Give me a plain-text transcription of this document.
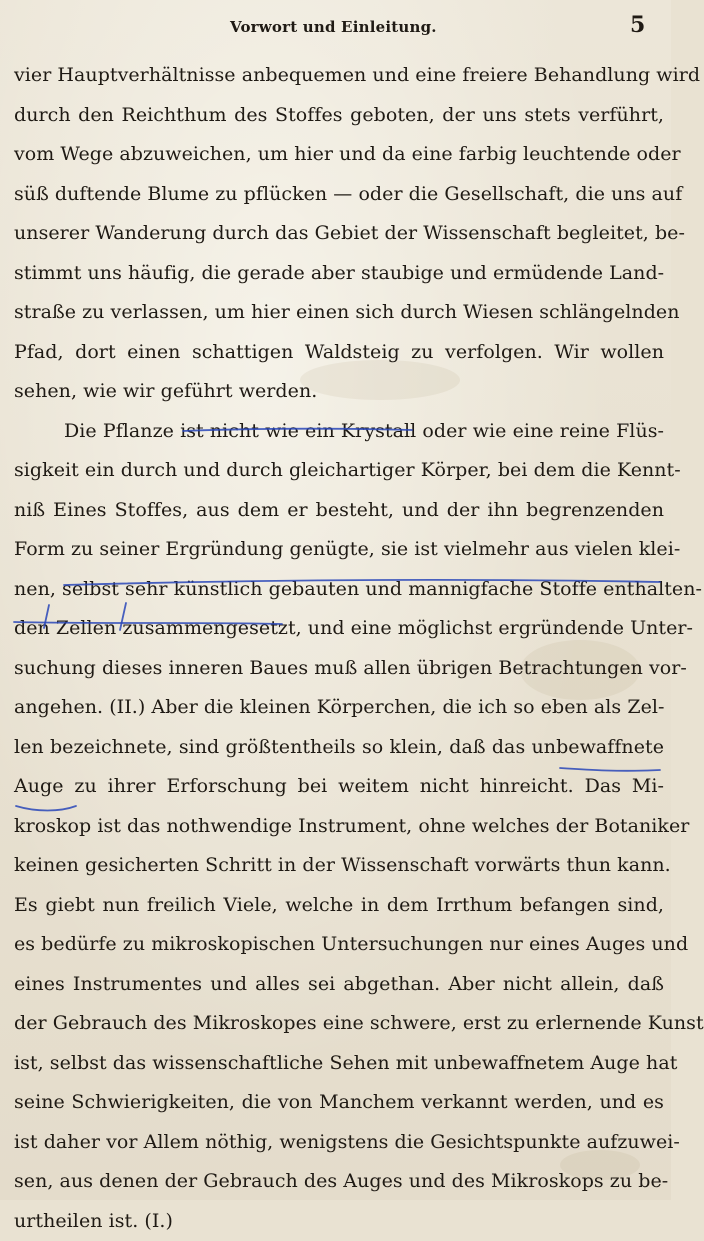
Vorwort und Einleitung.	5
vier Hauptverhältnisse anbequemen und eine freiere Behandlung wird
durch den Reichthum des Stoffes geboten, der uns stets verführt,
vom Wege abzuweichen, um hier und da eine farbig leuchtende oder
süß duftende Blume zu pflücken — oder die Gesellschaft, die uns auf
unserer Wanderung durch das Gebiet der Wissenschaft begleitet, be-
stimmt uns häufig, die gerade aber staubige und ermüdende Land-
straße zu verlassen, um hier einen sich durch Wiesen schlängelnden
Pfad, dort einen schattigen Waldsteig zu verfolgen. Wir wollen
sehen, wie wir geführt werden.
Die Pflanze ist nicht wie ein Krystall oder wie eine reine Flüs-
sigkeit ein durch und durch gleichartiger Körper, bei dem die Kennt-
niß Eines Stoffes, aus dem er besteht, und der ihn begrenzenden
Form zu seiner Ergründung genügte, sie ist vielmehr aus vielen klei-
nen, selbst sehr künstlich gebauten und mannigfache Stoffe enthalten-
den Zellen zusammengesetzt, und eine möglichst ergründende Unter-
suchung dieses inneren Baues muß allen übrigen Betrachtungen vor-
angehen. (II.) Aber die kleinen Körperchen, die ich so eben als Zel-
len bezeichnete, sind größtentheils so klein, daß das unbewaffnete
Auge zu ihrer Erforschung bei weitem nicht hinreicht. Das Mi-
kroskop ist das nothwendige Instrument, ohne welches der Botaniker
keinen gesicherten Schritt in der Wissenschaft vorwärts thun kann.
Es giebt nun freilich Viele, welche in dem Irrthum befangen sind,
es bedürfe zu mikroskopischen Untersuchungen nur eines Auges und
eines Instrumentes und alles sei abgethan. Aber nicht allein, daß
der Gebrauch des Mikroskopes eine schwere, erst zu erlernende Kunst
ist, selbst das wissenschaftliche Sehen mit unbewaffnetem Auge hat
seine Schwierigkeiten, die von Manchem verkannt werden, und es
ist daher vor Allem nöthig, wenigstens die Gesichtspunkte aufzuwei-
sen, aus denen der Gebrauch des Auges und des Mikroskops zu be-
urtheilen ist. (I.)
